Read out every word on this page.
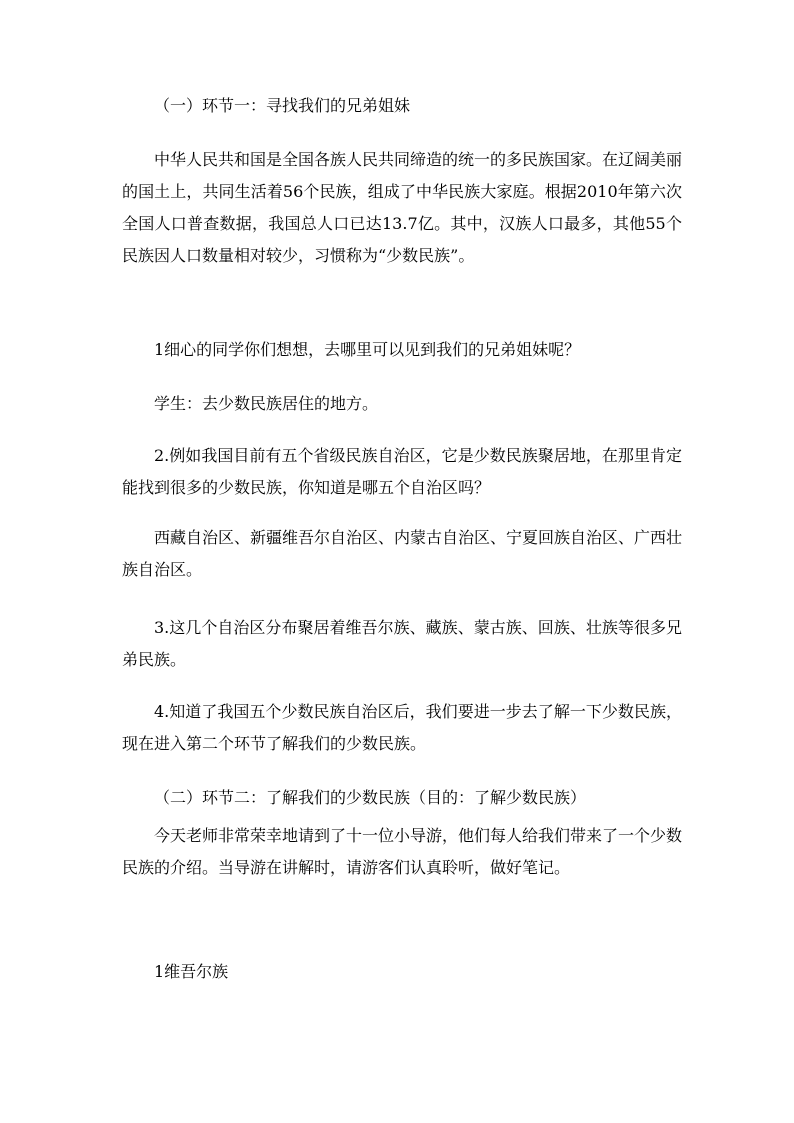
（一）环节一：寻找我们的兄弟姐妹

中华人民共和国是全国各族人民共同缔造的统一的多民族国家。在辽阔美丽的国土上，共同生活着56个民族，组成了中华民族大家庭。根据2010年第六次全国人口普查数据，我国总人口已达13.7亿。其中，汉族人口最多，其他55个民族因人口数量相对较少，习惯称为“少数民族”。

1细心的同学你们想想，去哪里可以见到我们的兄弟姐妹呢？

学生：去少数民族居住的地方。

2.例如我国目前有五个省级民族自治区，它是少数民族聚居地，在那里肯定能找到很多的少数民族，你知道是哪五个自治区吗？

西藏自治区、新疆维吾尔自治区、内蒙古自治区、宁夏回族自治区、广西壮族自治区。

3.这几个自治区分布聚居着维吾尔族、藏族、蒙古族、回族、壮族等很多兄弟民族。

4.知道了我国五个少数民族自治区后，我们要进一步去了解一下少数民族，现在进入第二个环节了解我们的少数民族。

（二）环节二：了解我们的少数民族（目的：了解少数民族）

今天老师非常荣幸地请到了十一位小导游，他们每人给我们带来了一个少数民族的介绍。当导游在讲解时，请游客们认真聆听，做好笔记。

1维吾尔族
